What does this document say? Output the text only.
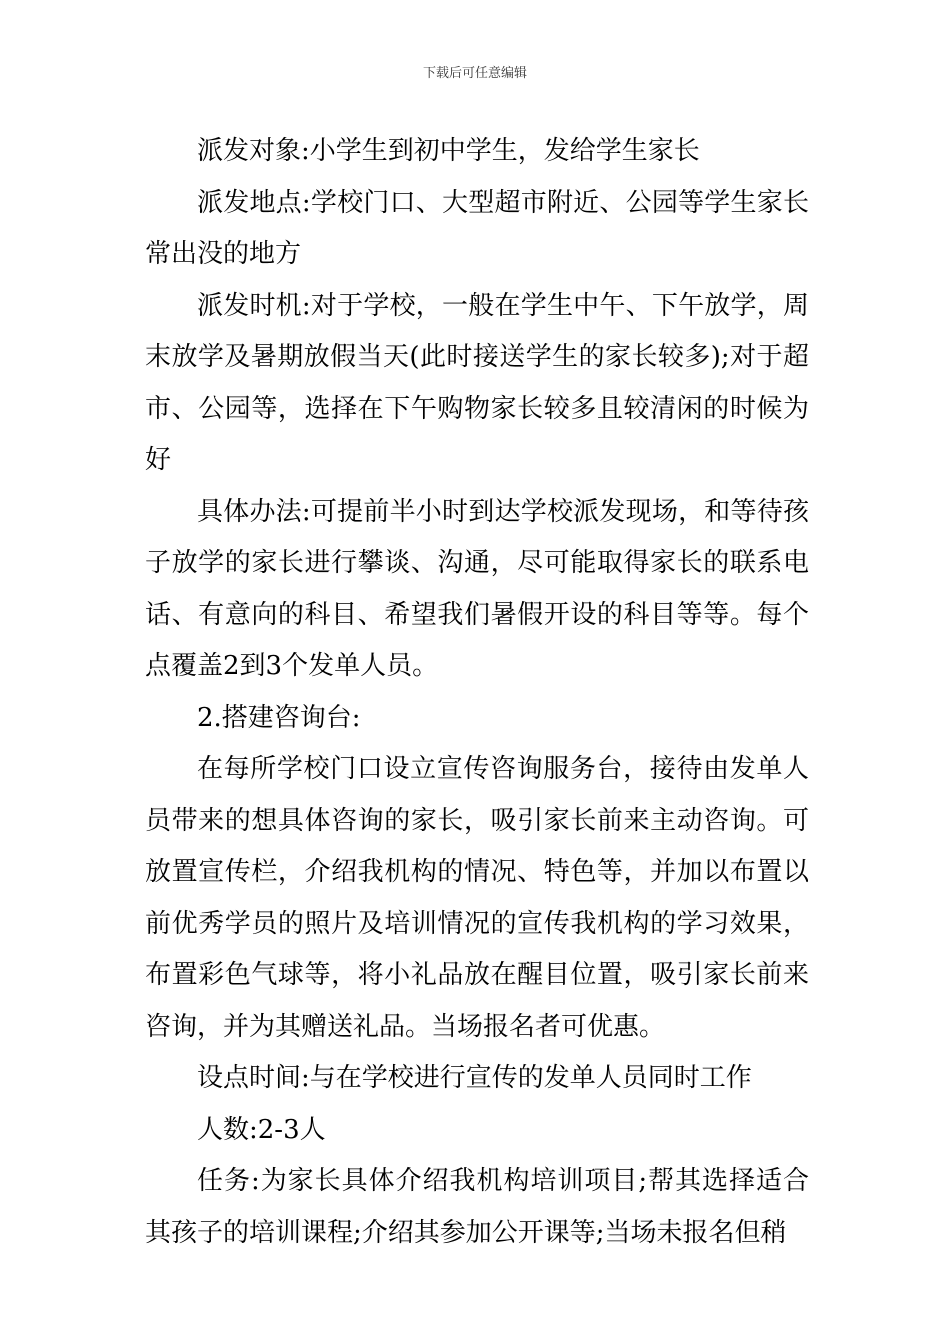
下载后可任意编辑

派发对象:小学生到初中学生，发给学生家长

派发地点:学校门口、大型超市附近、公园等学生家长常出没的地方

派发时机:对于学校，一般在学生中午、下午放学，周末放学及暑期放假当天(此时接送学生的家长较多);对于超市、公园等，选择在下午购物家长较多且较清闲的时候为好

具体办法:可提前半小时到达学校派发现场，和等待孩子放学的家长进行攀谈、沟通，尽可能取得家长的联系电话、有意向的科目、希望我们暑假开设的科目等等。每个点覆盖2到3个发单人员。

2.搭建咨询台:

在每所学校门口设立宣传咨询服务台，接待由发单人员带来的想具体咨询的家长，吸引家长前来主动咨询。可放置宣传栏，介绍我机构的情况、特色等，并加以布置以前优秀学员的照片及培训情况的宣传我机构的学习效果，布置彩色气球等，将小礼品放在醒目位置，吸引家长前来咨询，并为其赠送礼品。当场报名者可优惠。

设点时间:与在学校进行宣传的发单人员同时工作

人数:2-3人

任务:为家长具体介绍我机构培训项目;帮其选择适合其孩子的培训课程;介绍其参加公开课等;当场未报名但稍
